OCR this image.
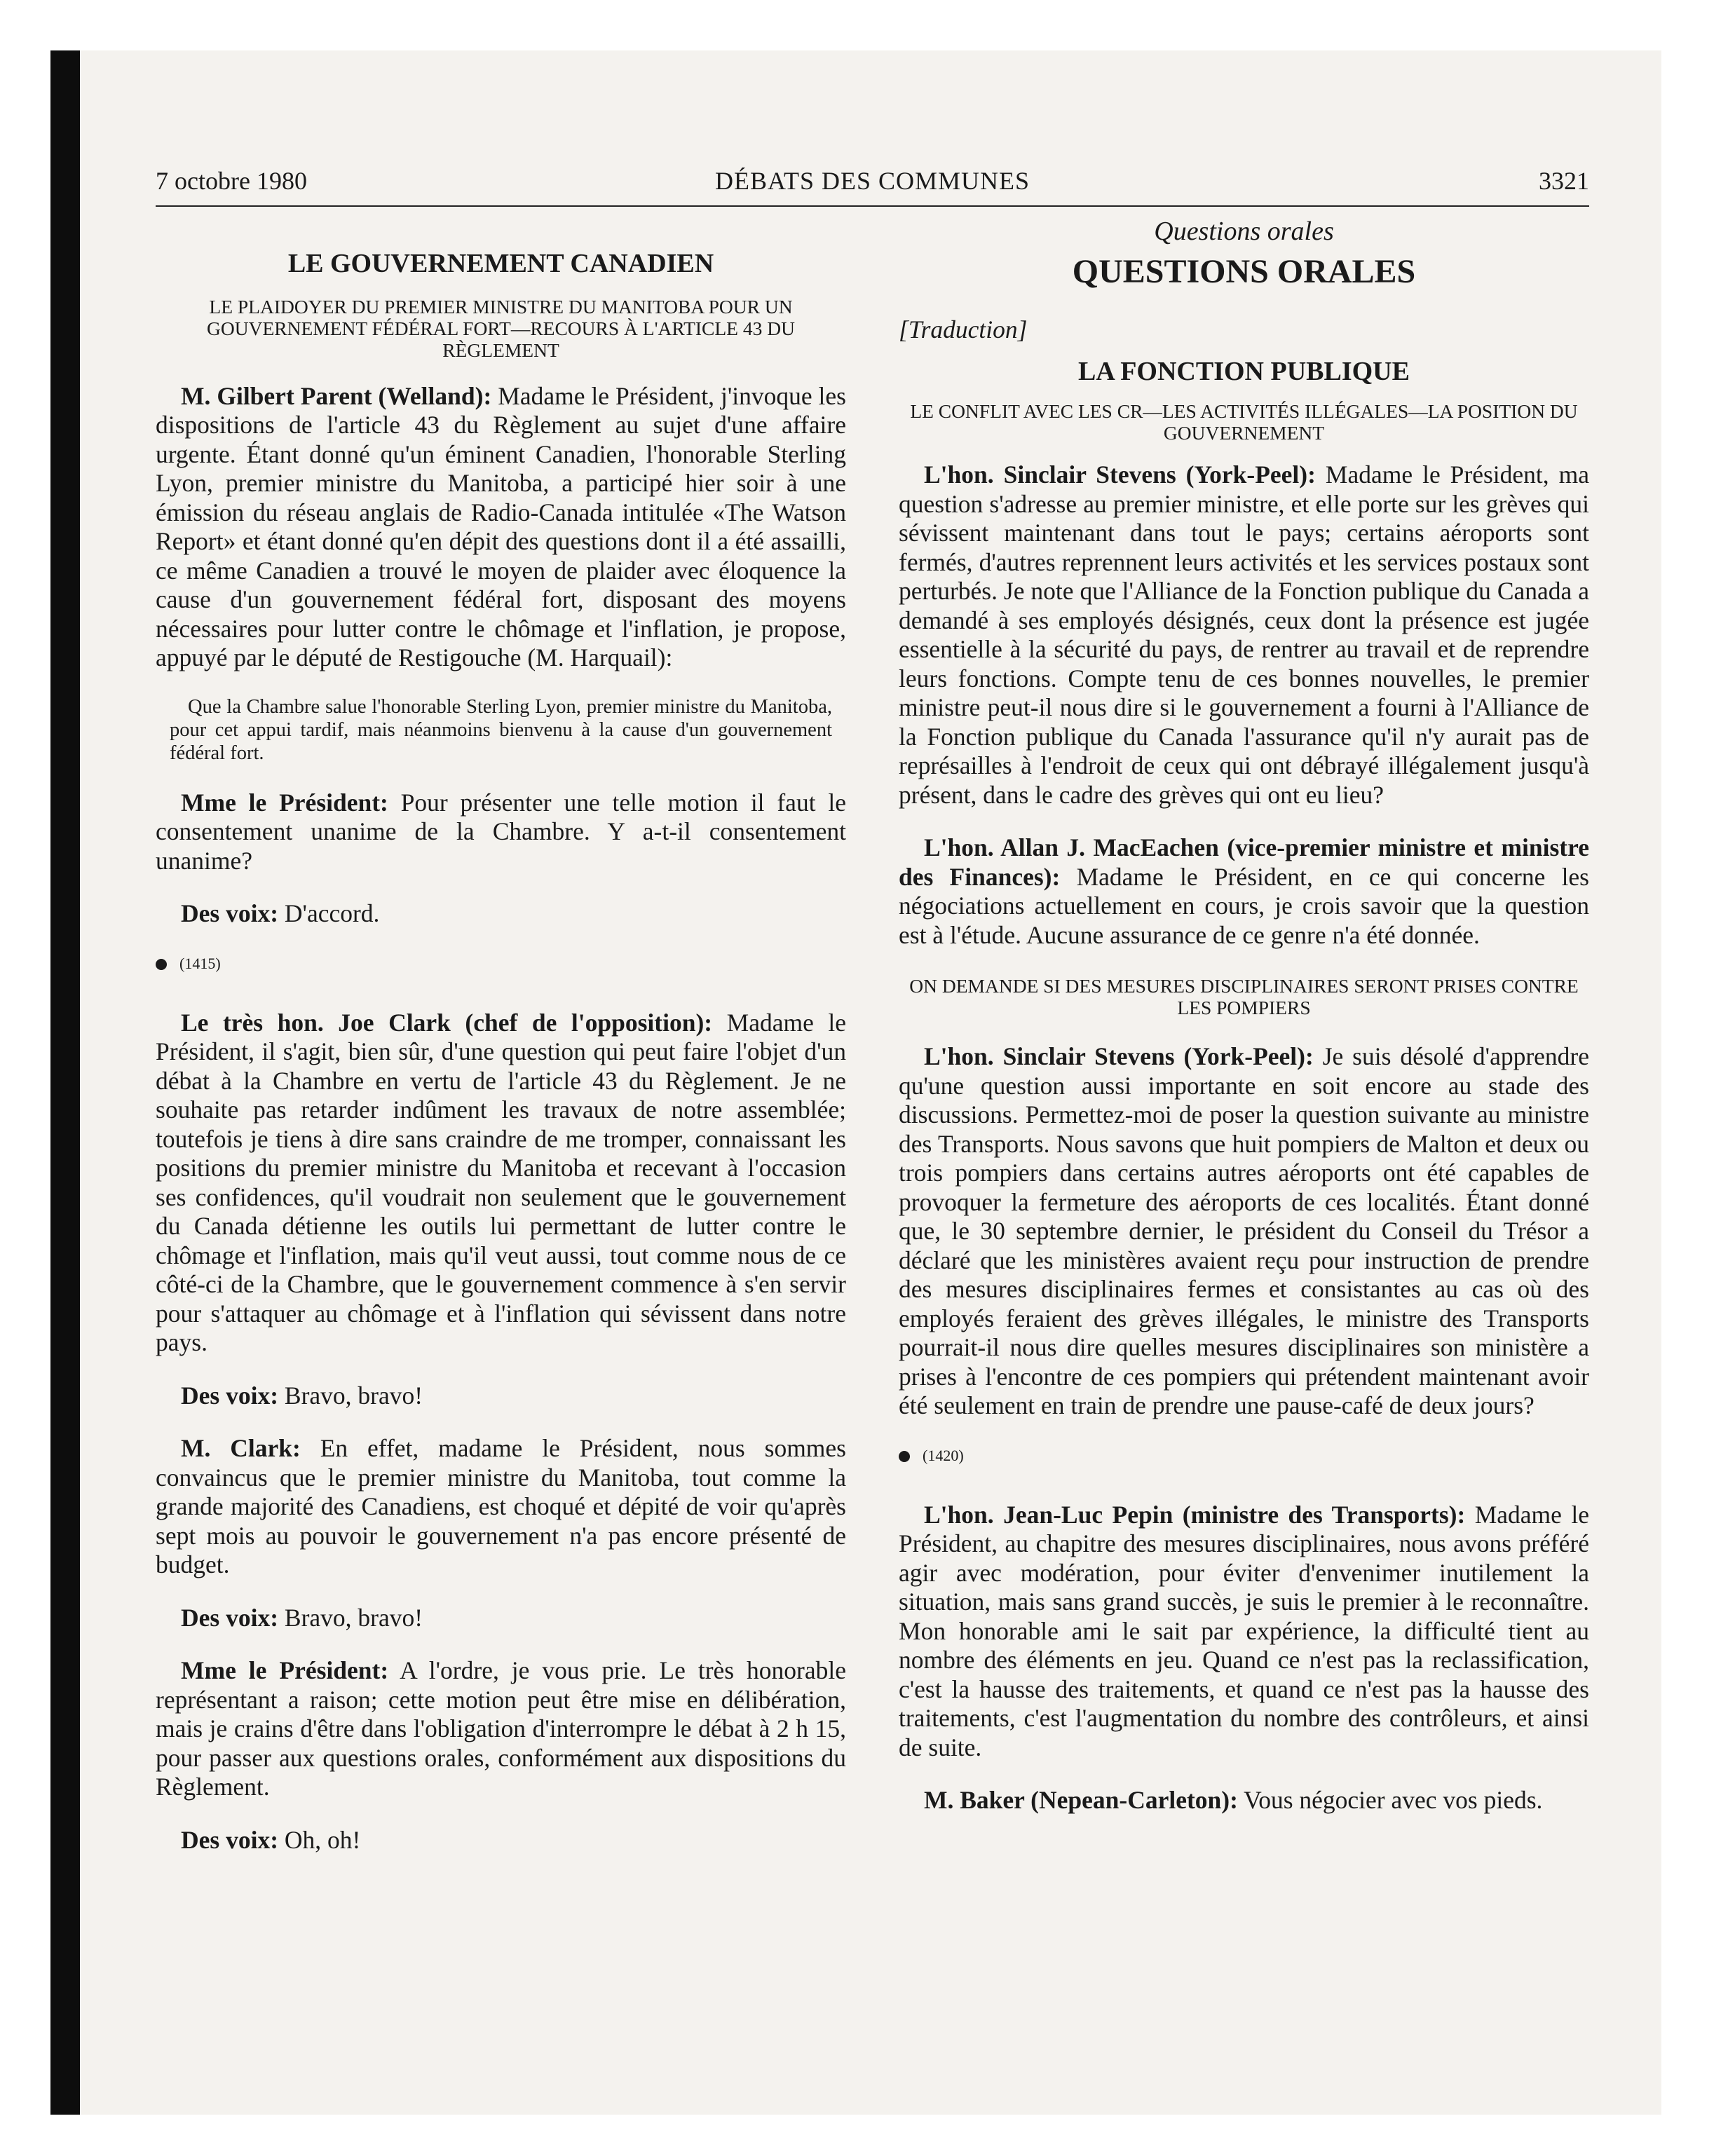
7 octobre 1980	DÉBATS DES COMMUNES	3321
LE GOUVERNEMENT CANADIEN
LE PLAIDOYER DU PREMIER MINISTRE DU MANITOBA POUR UN GOUVERNEMENT FÉDÉRAL FORT—RECOURS À L'ARTICLE 43 DU RÈGLEMENT

M. Gilbert Parent (Welland): Madame le Président, j'invoque les dispositions de l'article 43 du Règlement au sujet d'une affaire urgente. Étant donné qu'un éminent Canadien, l'honorable Sterling Lyon, premier ministre du Manitoba, a participé hier soir à une émission du réseau anglais de Radio-Canada intitulée «The Watson Report» et étant donné qu'en dépit des questions dont il a été assailli, ce même Canadien a trouvé le moyen de plaider avec éloquence la cause d'un gouvernement fédéral fort, disposant des moyens nécessaires pour lutter contre le chômage et l'inflation, je propose, appuyé par le député de Restigouche (M. Harquail):

Que la Chambre salue l'honorable Sterling Lyon, premier ministre du Manitoba, pour cet appui tardif, mais néanmoins bienvenu à la cause d'un gouvernement fédéral fort.

Mme le Président: Pour présenter une telle motion il faut le consentement unanime de la Chambre. Y a-t-il consentement unanime?

Des voix: D'accord.

(1415)

Le très hon. Joe Clark (chef de l'opposition): Madame le Président, il s'agit, bien sûr, d'une question qui peut faire l'objet d'un débat à la Chambre en vertu de l'article 43 du Règlement. Je ne souhaite pas retarder indûment les travaux de notre assemblée; toutefois je tiens à dire sans craindre de me tromper, connaissant les positions du premier ministre du Manitoba et recevant à l'occasion ses confidences, qu'il voudrait non seulement que le gouvernement du Canada détienne les outils lui permettant de lutter contre le chômage et l'inflation, mais qu'il veut aussi, tout comme nous de ce côté-ci de la Chambre, que le gouvernement commence à s'en servir pour s'attaquer au chômage et à l'inflation qui sévissent dans notre pays.

Des voix: Bravo, bravo!

M. Clark: En effet, madame le Président, nous sommes convaincus que le premier ministre du Manitoba, tout comme la grande majorité des Canadiens, est choqué et dépité de voir qu'après sept mois au pouvoir le gouvernement n'a pas encore présenté de budget.

Des voix: Bravo, bravo!

Mme le Président: A l'ordre, je vous prie. Le très honorable représentant a raison; cette motion peut être mise en délibération, mais je crains d'être dans l'obligation d'interrompre le débat à 2 h 15, pour passer aux questions orales, conformément aux dispositions du Règlement.

Des voix: Oh, oh!

Questions orales
QUESTIONS ORALES

[Traduction]

LA FONCTION PUBLIQUE
LE CONFLIT AVEC LES CR—LES ACTIVITÉS ILLÉGALES—LA POSITION DU GOUVERNEMENT

L'hon. Sinclair Stevens (York-Peel): Madame le Président, ma question s'adresse au premier ministre, et elle porte sur les grèves qui sévissent maintenant dans tout le pays; certains aéroports sont fermés, d'autres reprennent leurs activités et les services postaux sont perturbés. Je note que l'Alliance de la Fonction publique du Canada a demandé à ses employés désignés, ceux dont la présence est jugée essentielle à la sécurité du pays, de rentrer au travail et de reprendre leurs fonctions. Compte tenu de ces bonnes nouvelles, le premier ministre peut-il nous dire si le gouvernement a fourni à l'Alliance de la Fonction publique du Canada l'assurance qu'il n'y aurait pas de représailles à l'endroit de ceux qui ont débrayé illégalement jusqu'à présent, dans le cadre des grèves qui ont eu lieu?

L'hon. Allan J. MacEachen (vice-premier ministre et ministre des Finances): Madame le Président, en ce qui concerne les négociations actuellement en cours, je crois savoir que la question est à l'étude. Aucune assurance de ce genre n'a été donnée.

ON DEMANDE SI DES MESURES DISCIPLINAIRES SERONT PRISES CONTRE LES POMPIERS

L'hon. Sinclair Stevens (York-Peel): Je suis désolé d'apprendre qu'une question aussi importante en soit encore au stade des discussions. Permettez-moi de poser la question suivante au ministre des Transports. Nous savons que huit pompiers de Malton et deux ou trois pompiers dans certains autres aéroports ont été capables de provoquer la fermeture des aéroports de ces localités. Étant donné que, le 30 septembre dernier, le président du Conseil du Trésor a déclaré que les ministères avaient reçu pour instruction de prendre des mesures disciplinaires fermes et consistantes au cas où des employés feraient des grèves illégales, le ministre des Transports pourrait-il nous dire quelles mesures disciplinaires son ministère a prises à l'encontre de ces pompiers qui prétendent maintenant avoir été seulement en train de prendre une pause-café de deux jours?

(1420)

L'hon. Jean-Luc Pepin (ministre des Transports): Madame le Président, au chapitre des mesures disciplinaires, nous avons préféré agir avec modération, pour éviter d'envenimer inutilement la situation, mais sans grand succès, je suis le premier à le reconnaître. Mon honorable ami le sait par expérience, la difficulté tient au nombre des éléments en jeu. Quand ce n'est pas la reclassification, c'est la hausse des traitements, et quand ce n'est pas la hausse des traitements, c'est l'augmentation du nombre des contrôleurs, et ainsi de suite.

M. Baker (Nepean-Carleton): Vous négocier avec vos pieds.
